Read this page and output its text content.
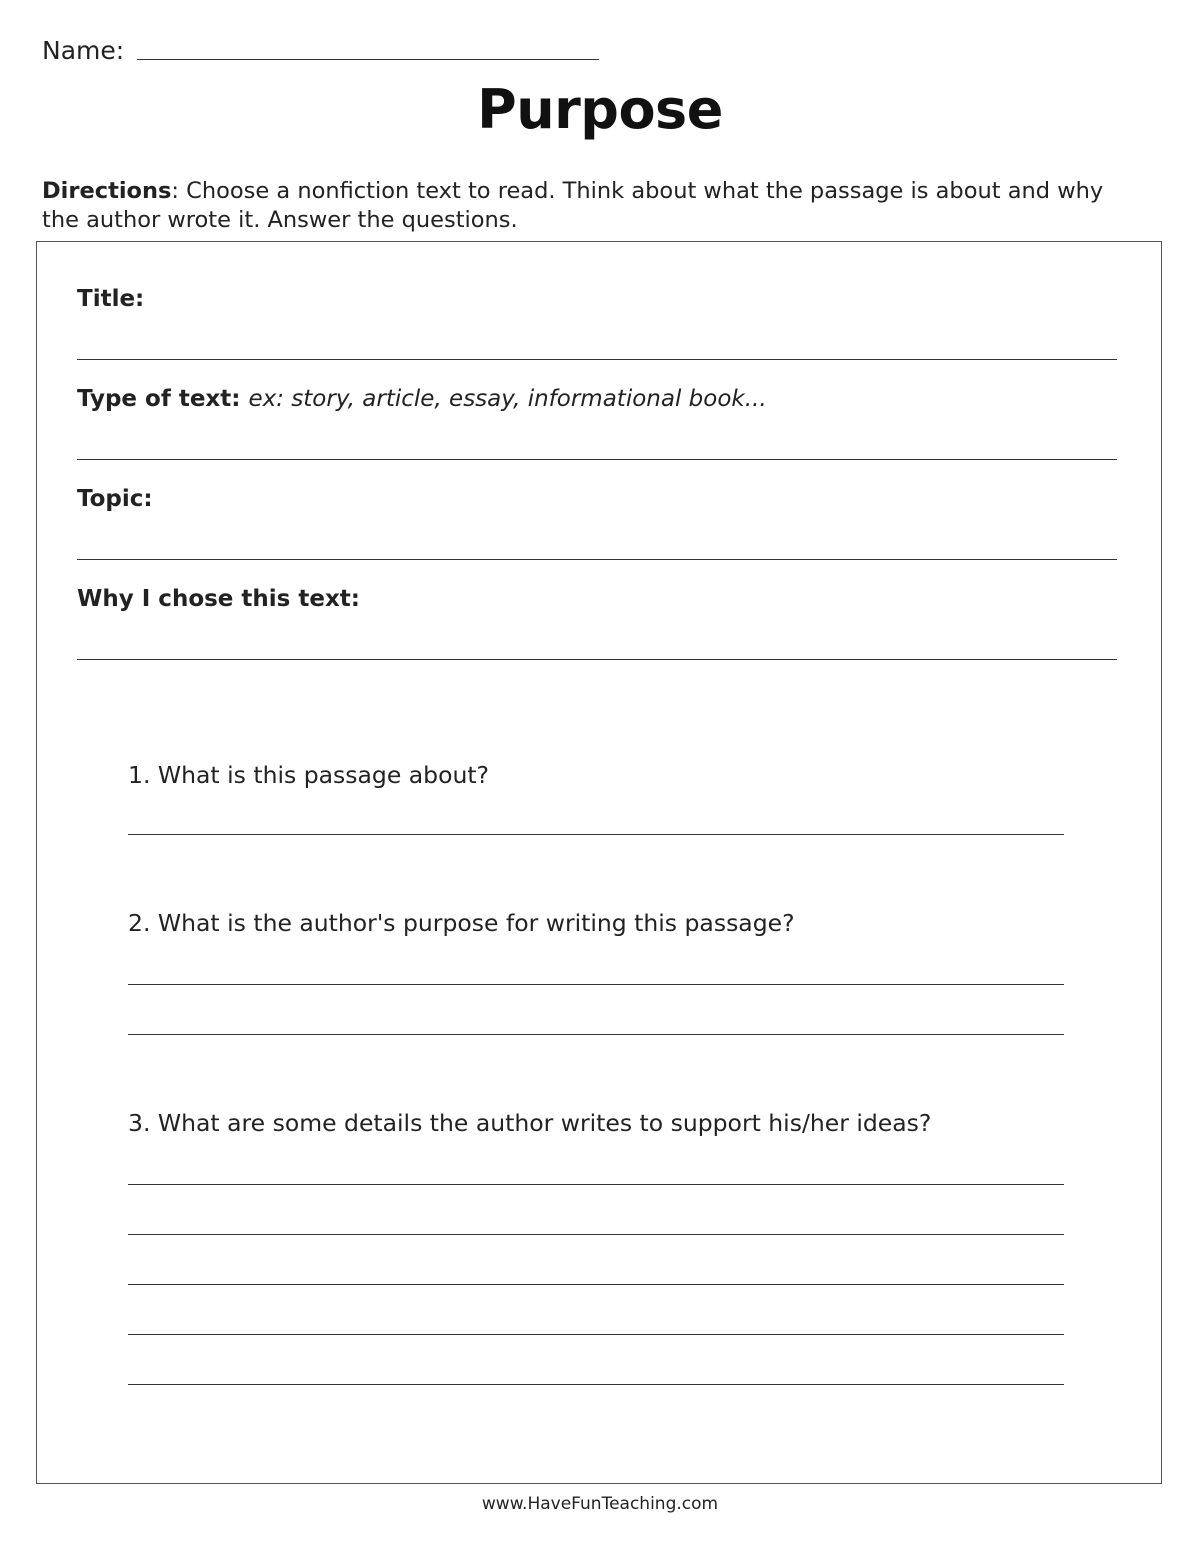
Name:
Purpose
Directions: Choose a nonfiction text to read. Think about what the passage is about and why the author wrote it. Answer the questions.
Title:
Type of text: ex: story, article, essay, informational book...
Topic:
Why I chose this text:
1. What is this passage about?
2. What is the author's purpose for writing this passage?
3. What are some details the author writes to support his/her ideas?
www.HaveFunTeaching.com
